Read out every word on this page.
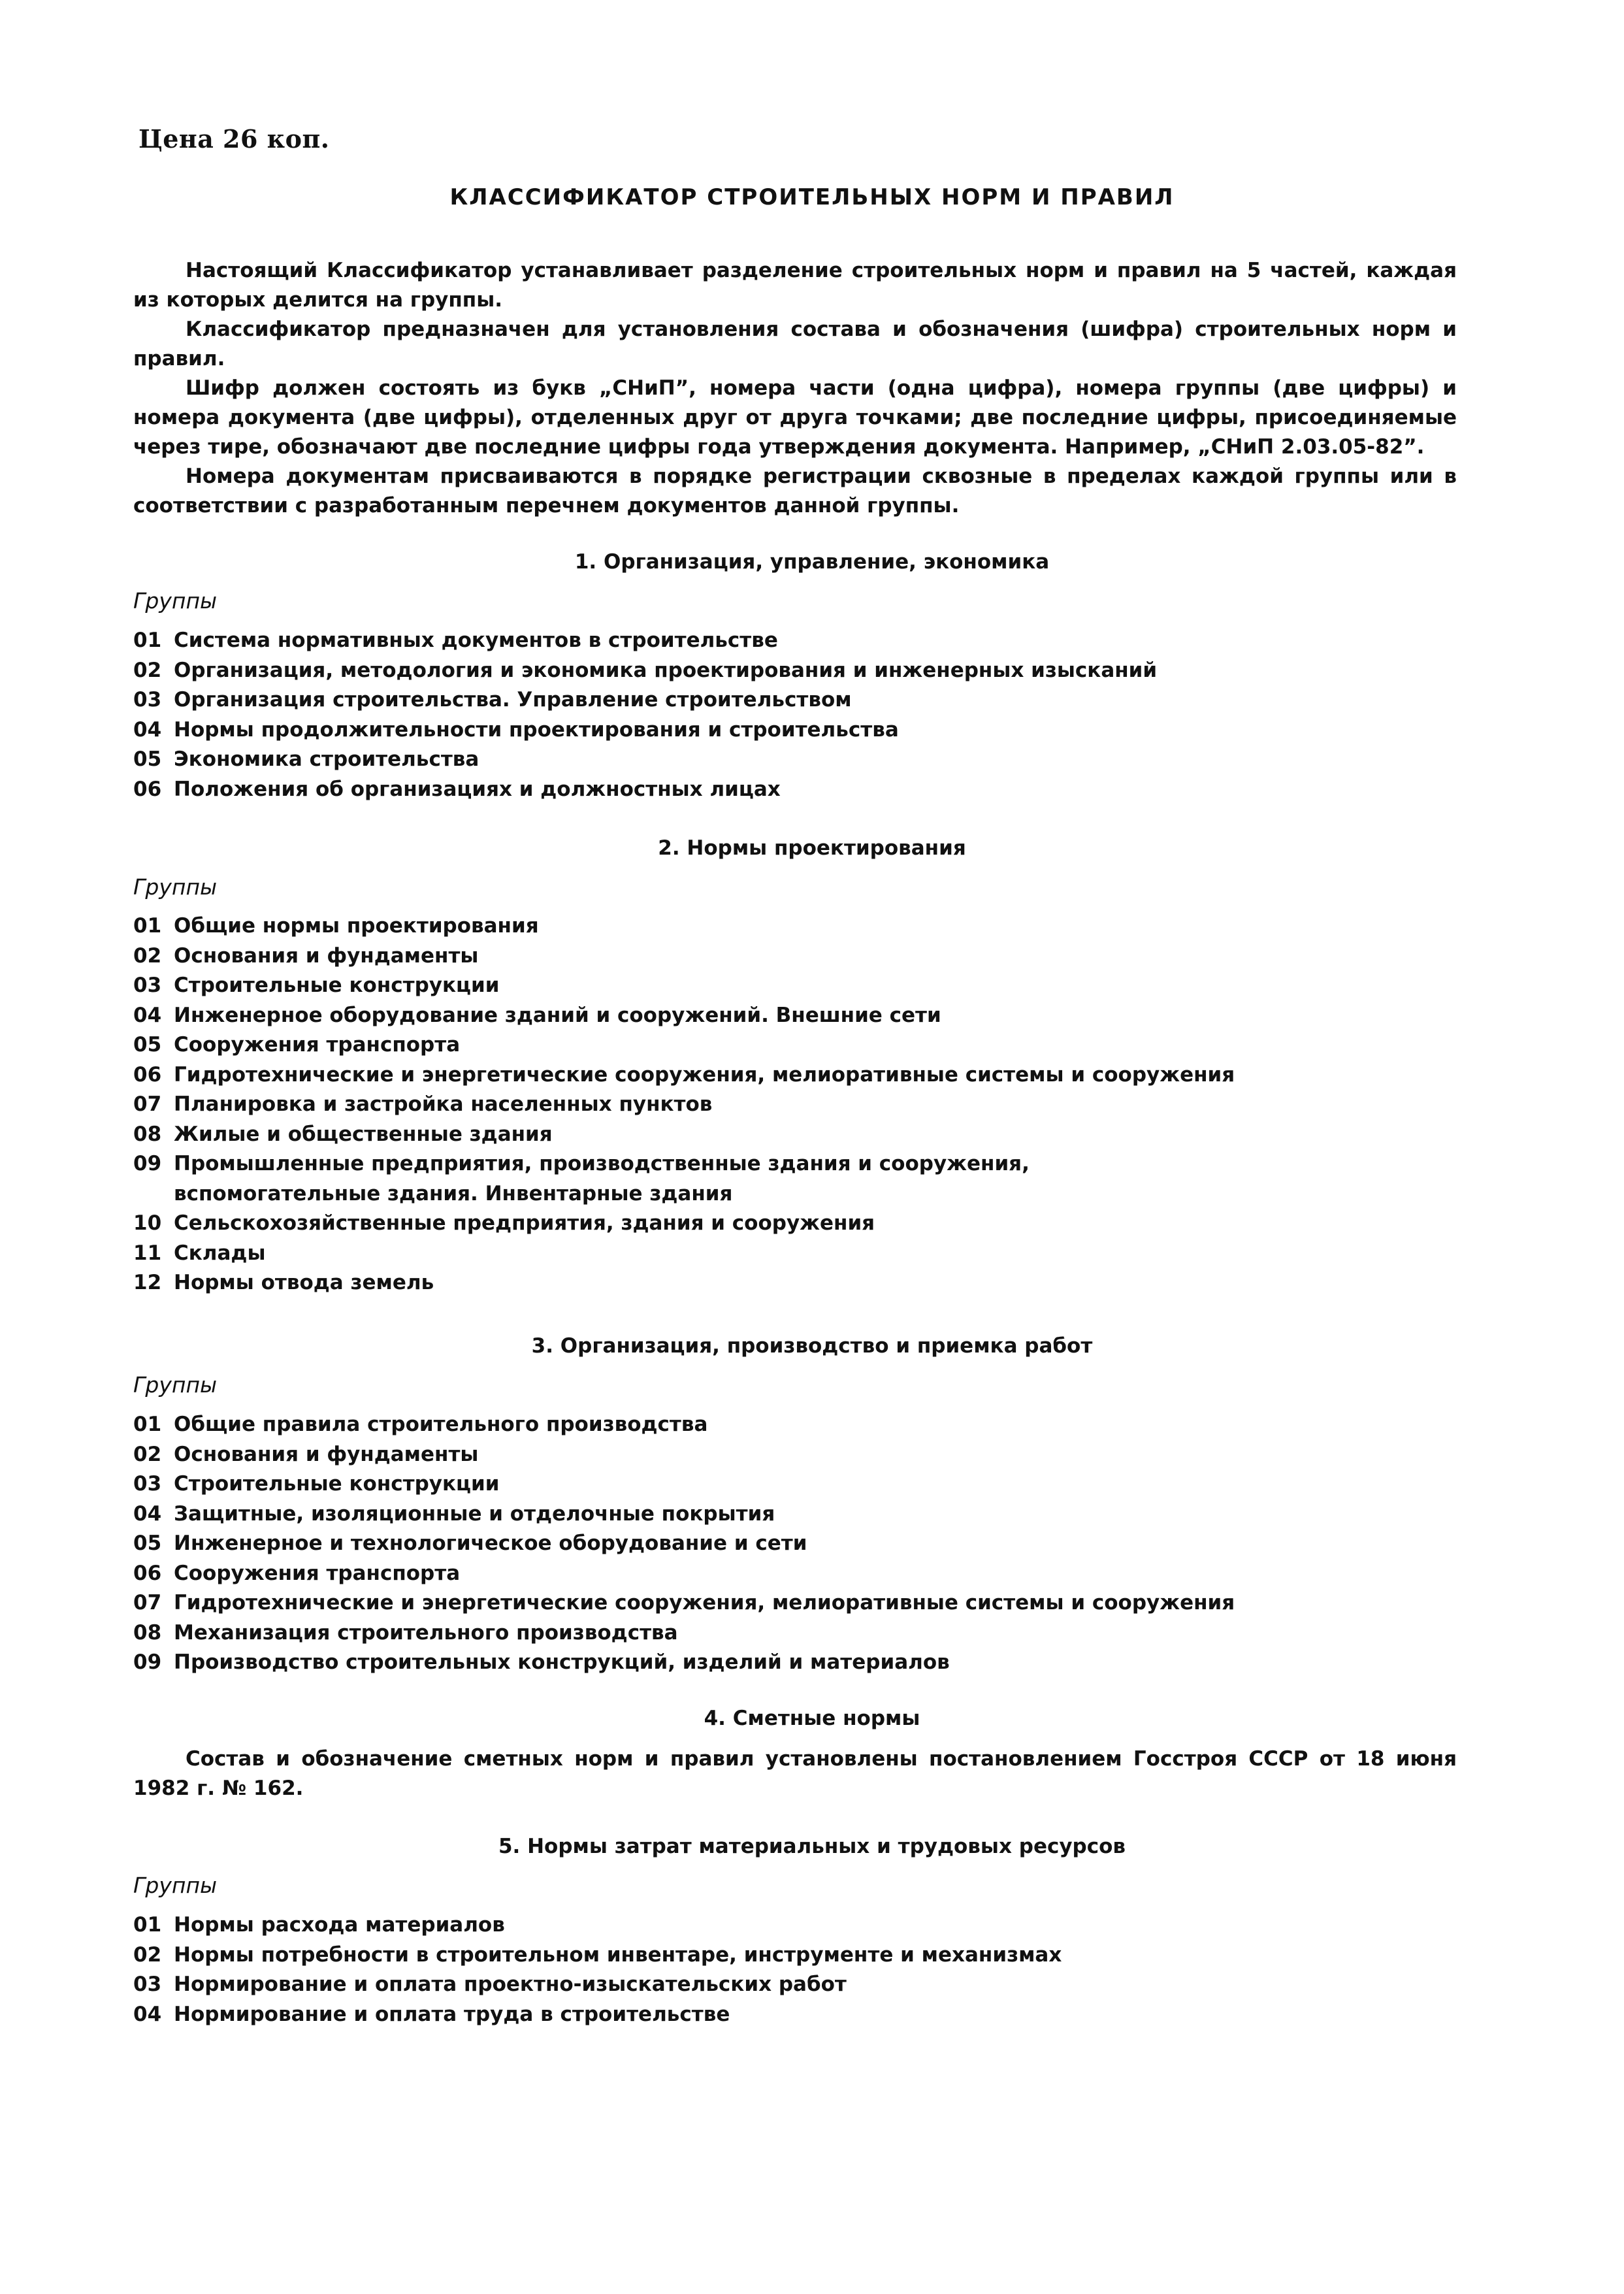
Цена 26 коп.
КЛАССИФИКАТОР СТРОИТЕЛЬНЫХ НОРМ И ПРАВИЛ

Настоящий Классификатор устанавливает разделение строительных норм и правил на 5 частей, каждая из которых делится на группы.

Классификатор предназначен для установления состава и обозначения (шифра) строительных норм и правил.

Шифр должен состоять из букв „СНиП”, номера части (одна цифра), номера группы (две цифры) и номера документа (две цифры), отделенных друг от друга точками; две последние цифры, присоединяемые через тире, обозначают две последние цифры года утверждения документа. Например, „СНиП 2.03.05-82”.

Номера документам присваиваются в порядке регистрации сквозные в пределах каждой группы или в соответствии с разработанным перечнем документов данной группы.

1. Организация, управление, экономика
Группы
01 Система нормативных документов в строительстве
02 Организация, методология и экономика проектирования и инженерных изысканий
03 Организация строительства. Управление строительством
04 Нормы продолжительности проектирования и строительства
05 Экономика строительства
06 Положения об организациях и должностных лицах
2. Нормы проектирования
Группы
01 Общие нормы проектирования
02 Основания и фундаменты
03 Строительные конструкции
04 Инженерное оборудование зданий и сооружений. Внешние сети
05 Сооружения транспорта
06 Гидротехнические и энергетические сооружения, мелиоративные системы и сооружения
07 Планировка и застройка населенных пунктов
08 Жилые и общественные здания
09 Промышленные предприятия, производственные здания и сооружения, вспомогательные здания. Инвентарные здания
10 Сельскохозяйственные предприятия, здания и сооружения
11 Склады
12 Нормы отвода земель
3. Организация, производство и приемка работ
Группы
01 Общие правила строительного производства
02 Основания и фундаменты
03 Строительные конструкции
04 Защитные, изоляционные и отделочные покрытия
05 Инженерное и технологическое оборудование и сети
06 Сооружения транспорта
07 Гидротехнические и энергетические сооружения, мелиоративные системы и сооружения
08 Механизация строительного производства
09 Производство строительных конструкций, изделий и материалов
4. Сметные нормы

Состав и обозначение сметных норм и правил установлены постановлением Госстроя СССР от 18 июня 1982 г. № 162.

5. Нормы затрат материальных и трудовых ресурсов
Группы
01 Нормы расхода материалов
02 Нормы потребности в строительном инвентаре, инструменте и механизмах
03 Нормирование и оплата проектно-изыскательских работ
04 Нормирование и оплата труда в строительстве
